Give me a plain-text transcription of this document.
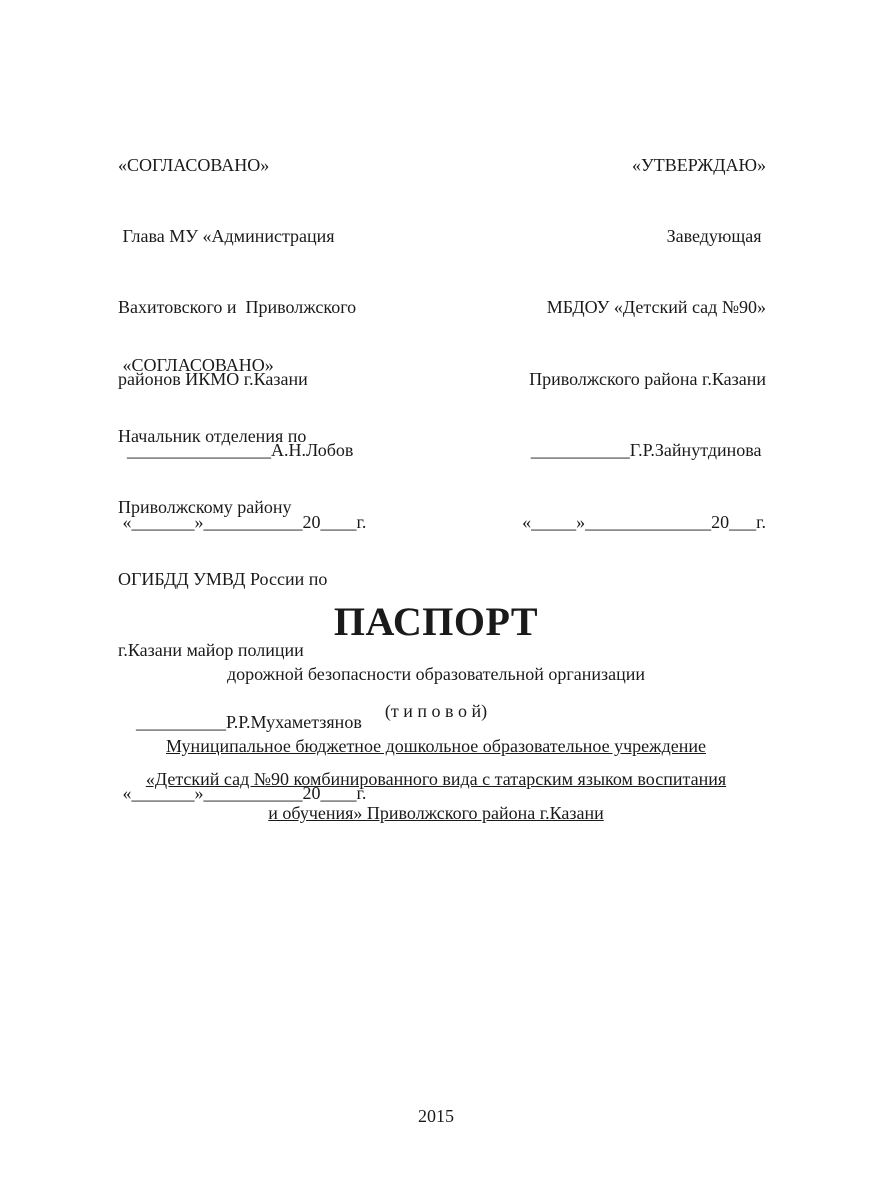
«СОГЛАСОВАНО»

Глава МУ «Администрация

Вахитовского и  Приволжского

районов ИКМО г.Казани

________________А.Н.Лобов

«_______»___________20____г.

«УТВЕРЖДАЮ»

Заведующая

МБДОУ «Детский сад №90»

Приволжского района г.Казани

___________Г.Р.Зайнутдинова

«_____»______________20___г.

«СОГЛАСОВАНО»

Начальник отделения по

Приволжскому району

ОГИБДД УМВД России по

г.Казани майор полиции

__________Р.Р.Мухаметзянов

«_______»___________20____г.

ПАСПОРТ
дорожной безопасности образовательной организации
(т и п о в о й)
Муниципальное бюджетное дошкольное образовательное учреждение
«Детский сад №90 комбинированного вида с татарским языком воспитания
и обучения» Приволжского района г.Казани
2015
